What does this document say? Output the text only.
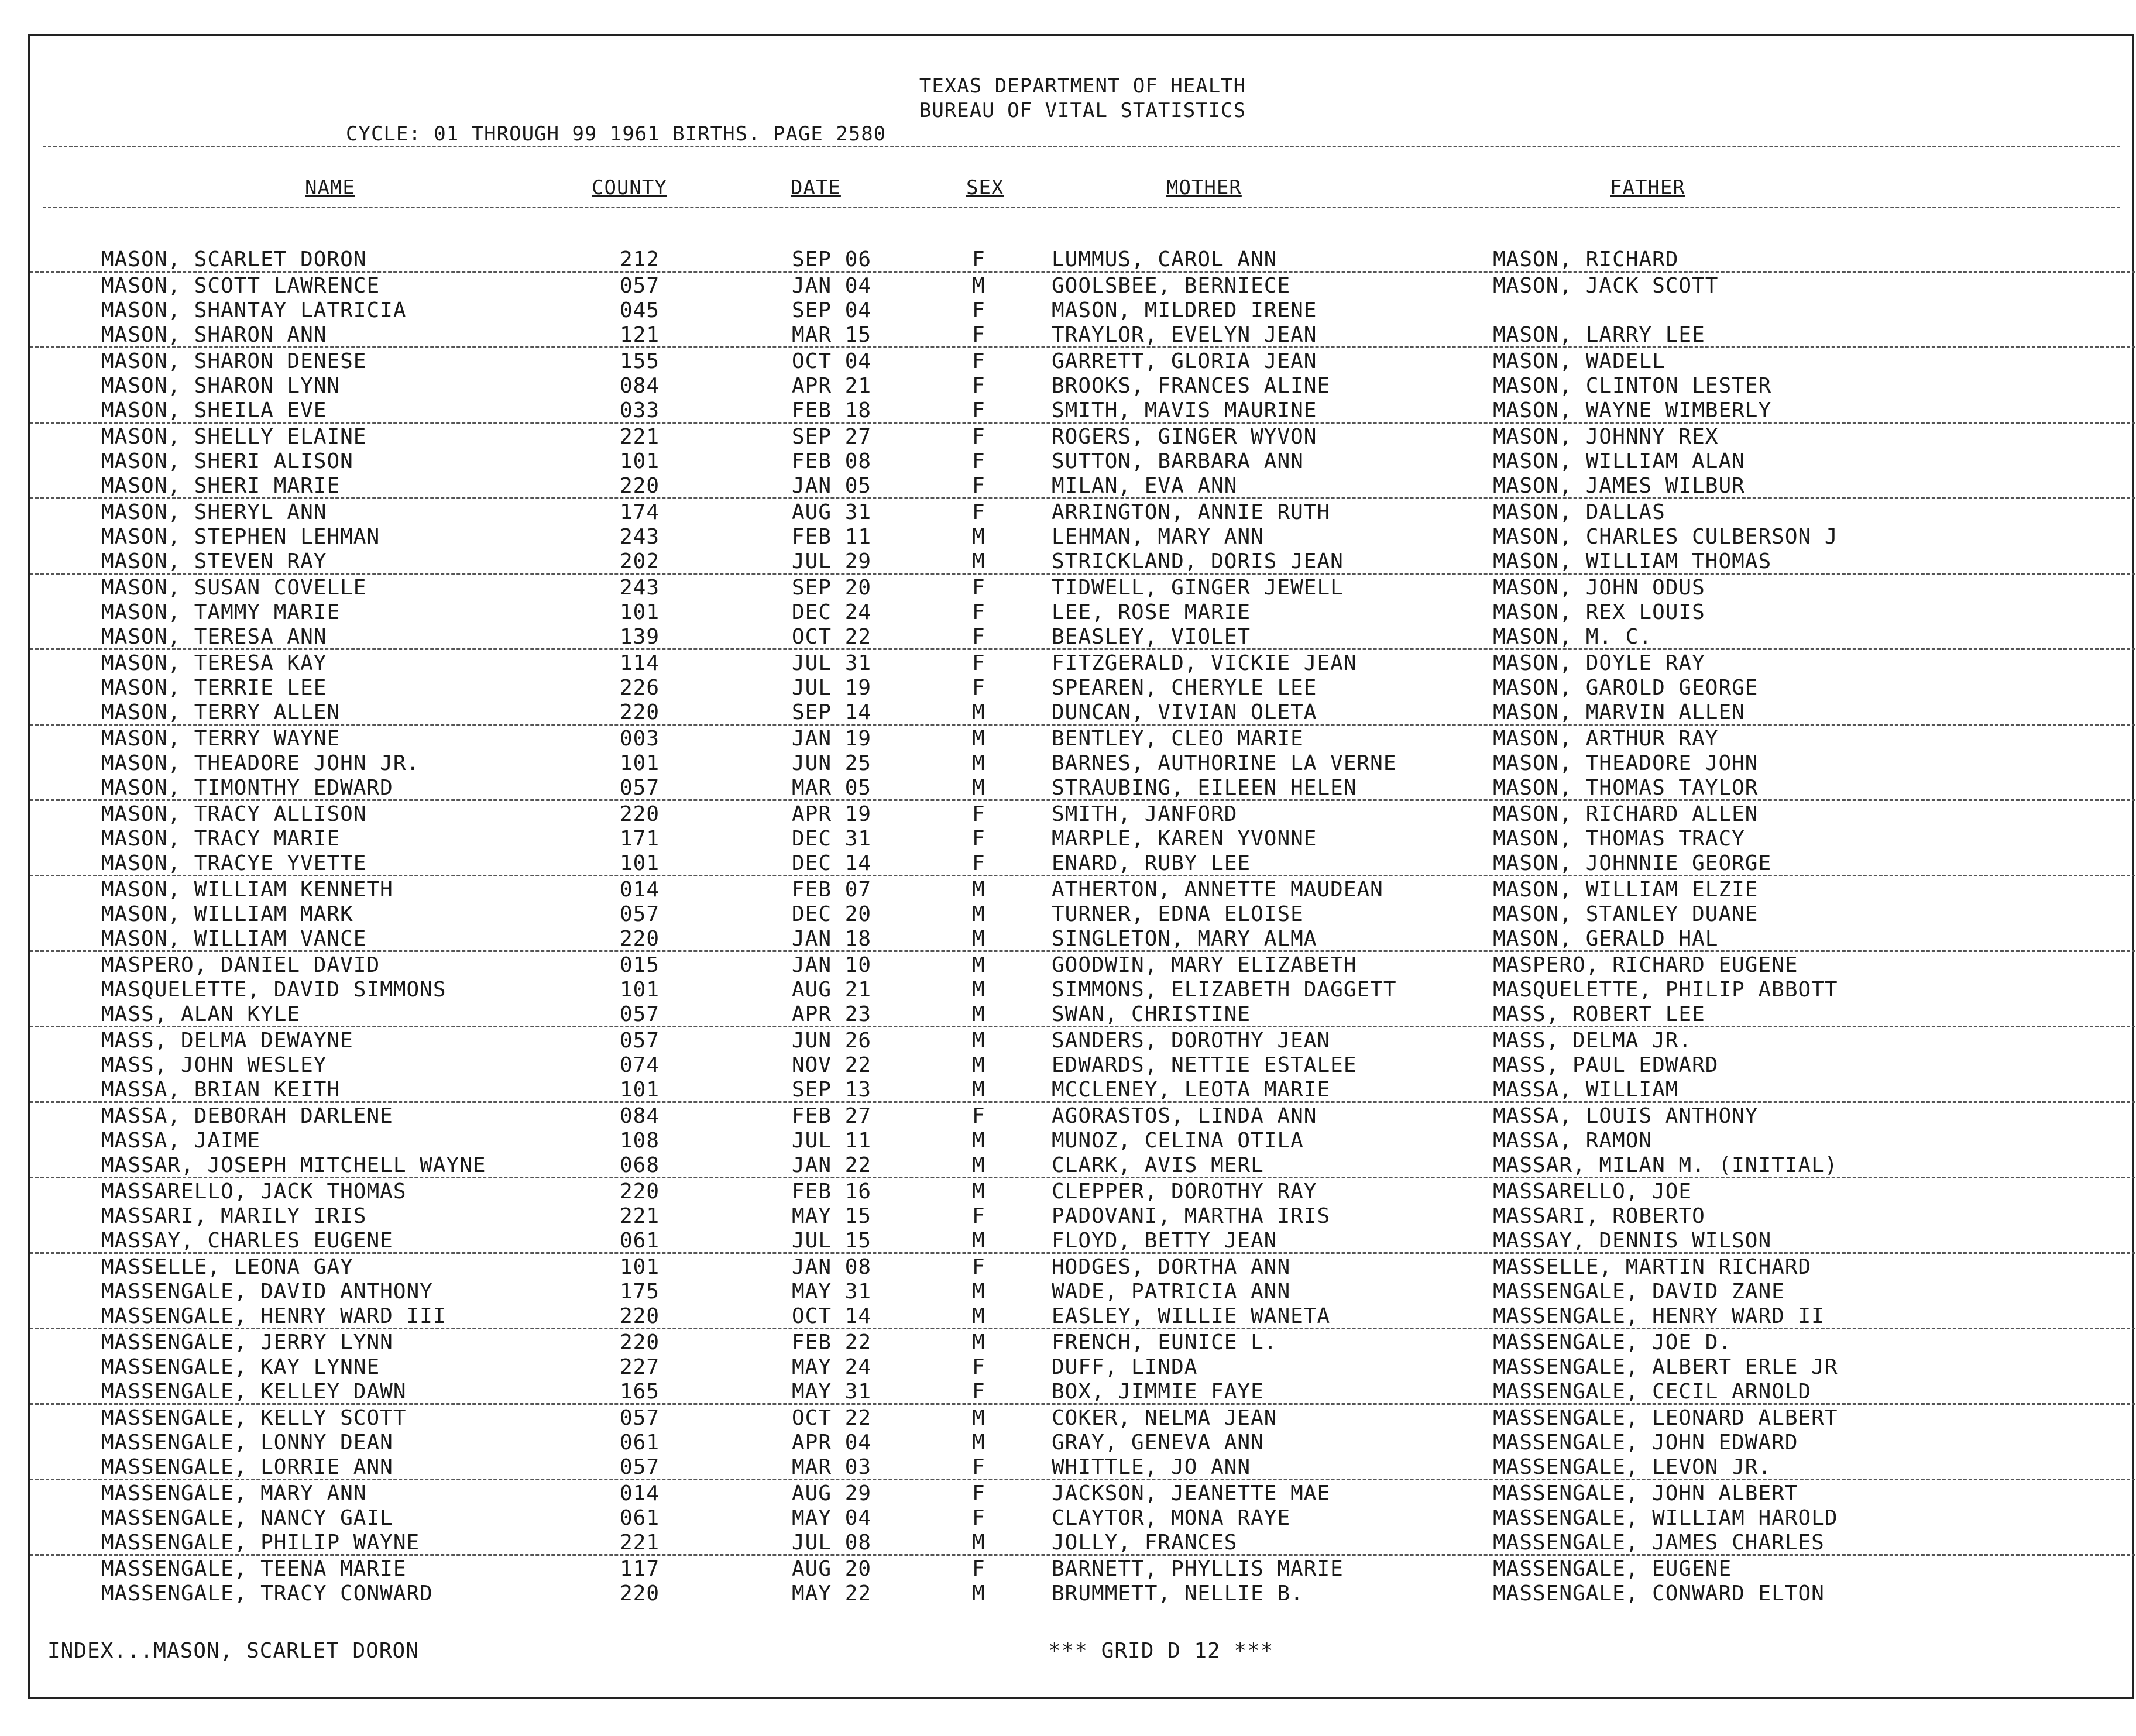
TEXAS DEPARTMENT OF HEALTH
BUREAU OF VITAL STATISTICS
CYCLE: 01 THROUGH 99 1961 BIRTHS. PAGE 2580
NAME	COUNTY	DATE	SEX	MOTHER	FATHER
MASON, SCARLET DORON	212	SEP 06	F	LUMMUS, CAROL ANN	MASON, RICHARD
MASON, SCOTT LAWRENCE	057	JAN 04	M	GOOLSBEE, BERNIECE	MASON, JACK SCOTT
MASON, SHANTAY LATRICIA	045	SEP 04	F	MASON, MILDRED IRENE
MASON, SHARON ANN	121	MAR 15	F	TRAYLOR, EVELYN JEAN	MASON, LARRY LEE
MASON, SHARON DENESE	155	OCT 04	F	GARRETT, GLORIA JEAN	MASON, WADELL
MASON, SHARON LYNN	084	APR 21	F	BROOKS, FRANCES ALINE	MASON, CLINTON LESTER
MASON, SHEILA EVE	033	FEB 18	F	SMITH, MAVIS MAURINE	MASON, WAYNE WIMBERLY
MASON, SHELLY ELAINE	221	SEP 27	F	ROGERS, GINGER WYVON	MASON, JOHNNY REX
MASON, SHERI ALISON	101	FEB 08	F	SUTTON, BARBARA ANN	MASON, WILLIAM ALAN
MASON, SHERI MARIE	220	JAN 05	F	MILAN, EVA ANN	MASON, JAMES WILBUR
MASON, SHERYL ANN	174	AUG 31	F	ARRINGTON, ANNIE RUTH	MASON, DALLAS
MASON, STEPHEN LEHMAN	243	FEB 11	M	LEHMAN, MARY ANN	MASON, CHARLES CULBERSON J
MASON, STEVEN RAY	202	JUL 29	M	STRICKLAND, DORIS JEAN	MASON, WILLIAM THOMAS
MASON, SUSAN COVELLE	243	SEP 20	F	TIDWELL, GINGER JEWELL	MASON, JOHN ODUS
MASON, TAMMY MARIE	101	DEC 24	F	LEE, ROSE MARIE	MASON, REX LOUIS
MASON, TERESA ANN	139	OCT 22	F	BEASLEY, VIOLET	MASON, M. C.
MASON, TERESA KAY	114	JUL 31	F	FITZGERALD, VICKIE JEAN	MASON, DOYLE RAY
MASON, TERRIE LEE	226	JUL 19	F	SPEAREN, CHERYLE LEE	MASON, GAROLD GEORGE
MASON, TERRY ALLEN	220	SEP 14	M	DUNCAN, VIVIAN OLETA	MASON, MARVIN ALLEN
MASON, TERRY WAYNE	003	JAN 19	M	BENTLEY, CLEO MARIE	MASON, ARTHUR RAY
MASON, THEADORE JOHN JR.	101	JUN 25	M	BARNES, AUTHORINE LA VERNE	MASON, THEADORE JOHN
MASON, TIMONTHY EDWARD	057	MAR 05	M	STRAUBING, EILEEN HELEN	MASON, THOMAS TAYLOR
MASON, TRACY ALLISON	220	APR 19	F	SMITH, JANFORD	MASON, RICHARD ALLEN
MASON, TRACY MARIE	171	DEC 31	F	MARPLE, KAREN YVONNE	MASON, THOMAS TRACY
MASON, TRACYE YVETTE	101	DEC 14	F	ENARD, RUBY LEE	MASON, JOHNNIE GEORGE
MASON, WILLIAM KENNETH	014	FEB 07	M	ATHERTON, ANNETTE MAUDEAN	MASON, WILLIAM ELZIE
MASON, WILLIAM MARK	057	DEC 20	M	TURNER, EDNA ELOISE	MASON, STANLEY DUANE
MASON, WILLIAM VANCE	220	JAN 18	M	SINGLETON, MARY ALMA	MASON, GERALD HAL
MASPERO, DANIEL DAVID	015	JAN 10	M	GOODWIN, MARY ELIZABETH	MASPERO, RICHARD EUGENE
MASQUELETTE, DAVID SIMMONS	101	AUG 21	M	SIMMONS, ELIZABETH DAGGETT	MASQUELETTE, PHILIP ABBOTT
MASS, ALAN KYLE	057	APR 23	M	SWAN, CHRISTINE	MASS, ROBERT LEE
MASS, DELMA DEWAYNE	057	JUN 26	M	SANDERS, DOROTHY JEAN	MASS, DELMA JR.
MASS, JOHN WESLEY	074	NOV 22	M	EDWARDS, NETTIE ESTALEE	MASS, PAUL EDWARD
MASSA, BRIAN KEITH	101	SEP 13	M	MCCLENEY, LEOTA MARIE	MASSA, WILLIAM
MASSA, DEBORAH DARLENE	084	FEB 27	F	AGORASTOS, LINDA ANN	MASSA, LOUIS ANTHONY
MASSA, JAIME	108	JUL 11	M	MUNOZ, CELINA OTILA	MASSA, RAMON
MASSAR, JOSEPH MITCHELL WAYNE	068	JAN 22	M	CLARK, AVIS MERL	MASSAR, MILAN M. (INITIAL)
MASSARELLO, JACK THOMAS	220	FEB 16	M	CLEPPER, DOROTHY RAY	MASSARELLO, JOE
MASSARI, MARILY IRIS	221	MAY 15	F	PADOVANI, MARTHA IRIS	MASSARI, ROBERTO
MASSAY, CHARLES EUGENE	061	JUL 15	M	FLOYD, BETTY JEAN	MASSAY, DENNIS WILSON
MASSELLE, LEONA GAY	101	JAN 08	F	HODGES, DORTHA ANN	MASSELLE, MARTIN RICHARD
MASSENGALE, DAVID ANTHONY	175	MAY 31	M	WADE, PATRICIA ANN	MASSENGALE, DAVID ZANE
MASSENGALE, HENRY WARD III	220	OCT 14	M	EASLEY, WILLIE WANETA	MASSENGALE, HENRY WARD II
MASSENGALE, JERRY LYNN	220	FEB 22	M	FRENCH, EUNICE L.	MASSENGALE, JOE D.
MASSENGALE, KAY LYNNE	227	MAY 24	F	DUFF, LINDA	MASSENGALE, ALBERT ERLE JR
MASSENGALE, KELLEY DAWN	165	MAY 31	F	BOX, JIMMIE FAYE	MASSENGALE, CECIL ARNOLD
MASSENGALE, KELLY SCOTT	057	OCT 22	M	COKER, NELMA JEAN	MASSENGALE, LEONARD ALBERT
MASSENGALE, LONNY DEAN	061	APR 04	M	GRAY, GENEVA ANN	MASSENGALE, JOHN EDWARD
MASSENGALE, LORRIE ANN	057	MAR 03	F	WHITTLE, JO ANN	MASSENGALE, LEVON JR.
MASSENGALE, MARY ANN	014	AUG 29	F	JACKSON, JEANETTE MAE	MASSENGALE, JOHN ALBERT
MASSENGALE, NANCY GAIL	061	MAY 04	F	CLAYTOR, MONA RAYE	MASSENGALE, WILLIAM HAROLD
MASSENGALE, PHILIP WAYNE	221	JUL 08	M	JOLLY, FRANCES	MASSENGALE, JAMES CHARLES
MASSENGALE, TEENA MARIE	117	AUG 20	F	BARNETT, PHYLLIS MARIE	MASSENGALE, EUGENE
MASSENGALE, TRACY CONWARD	220	MAY 22	M	BRUMMETT, NELLIE B.	MASSENGALE, CONWARD ELTON
INDEX...MASON, SCARLET DORON	*** GRID D 12 ***
